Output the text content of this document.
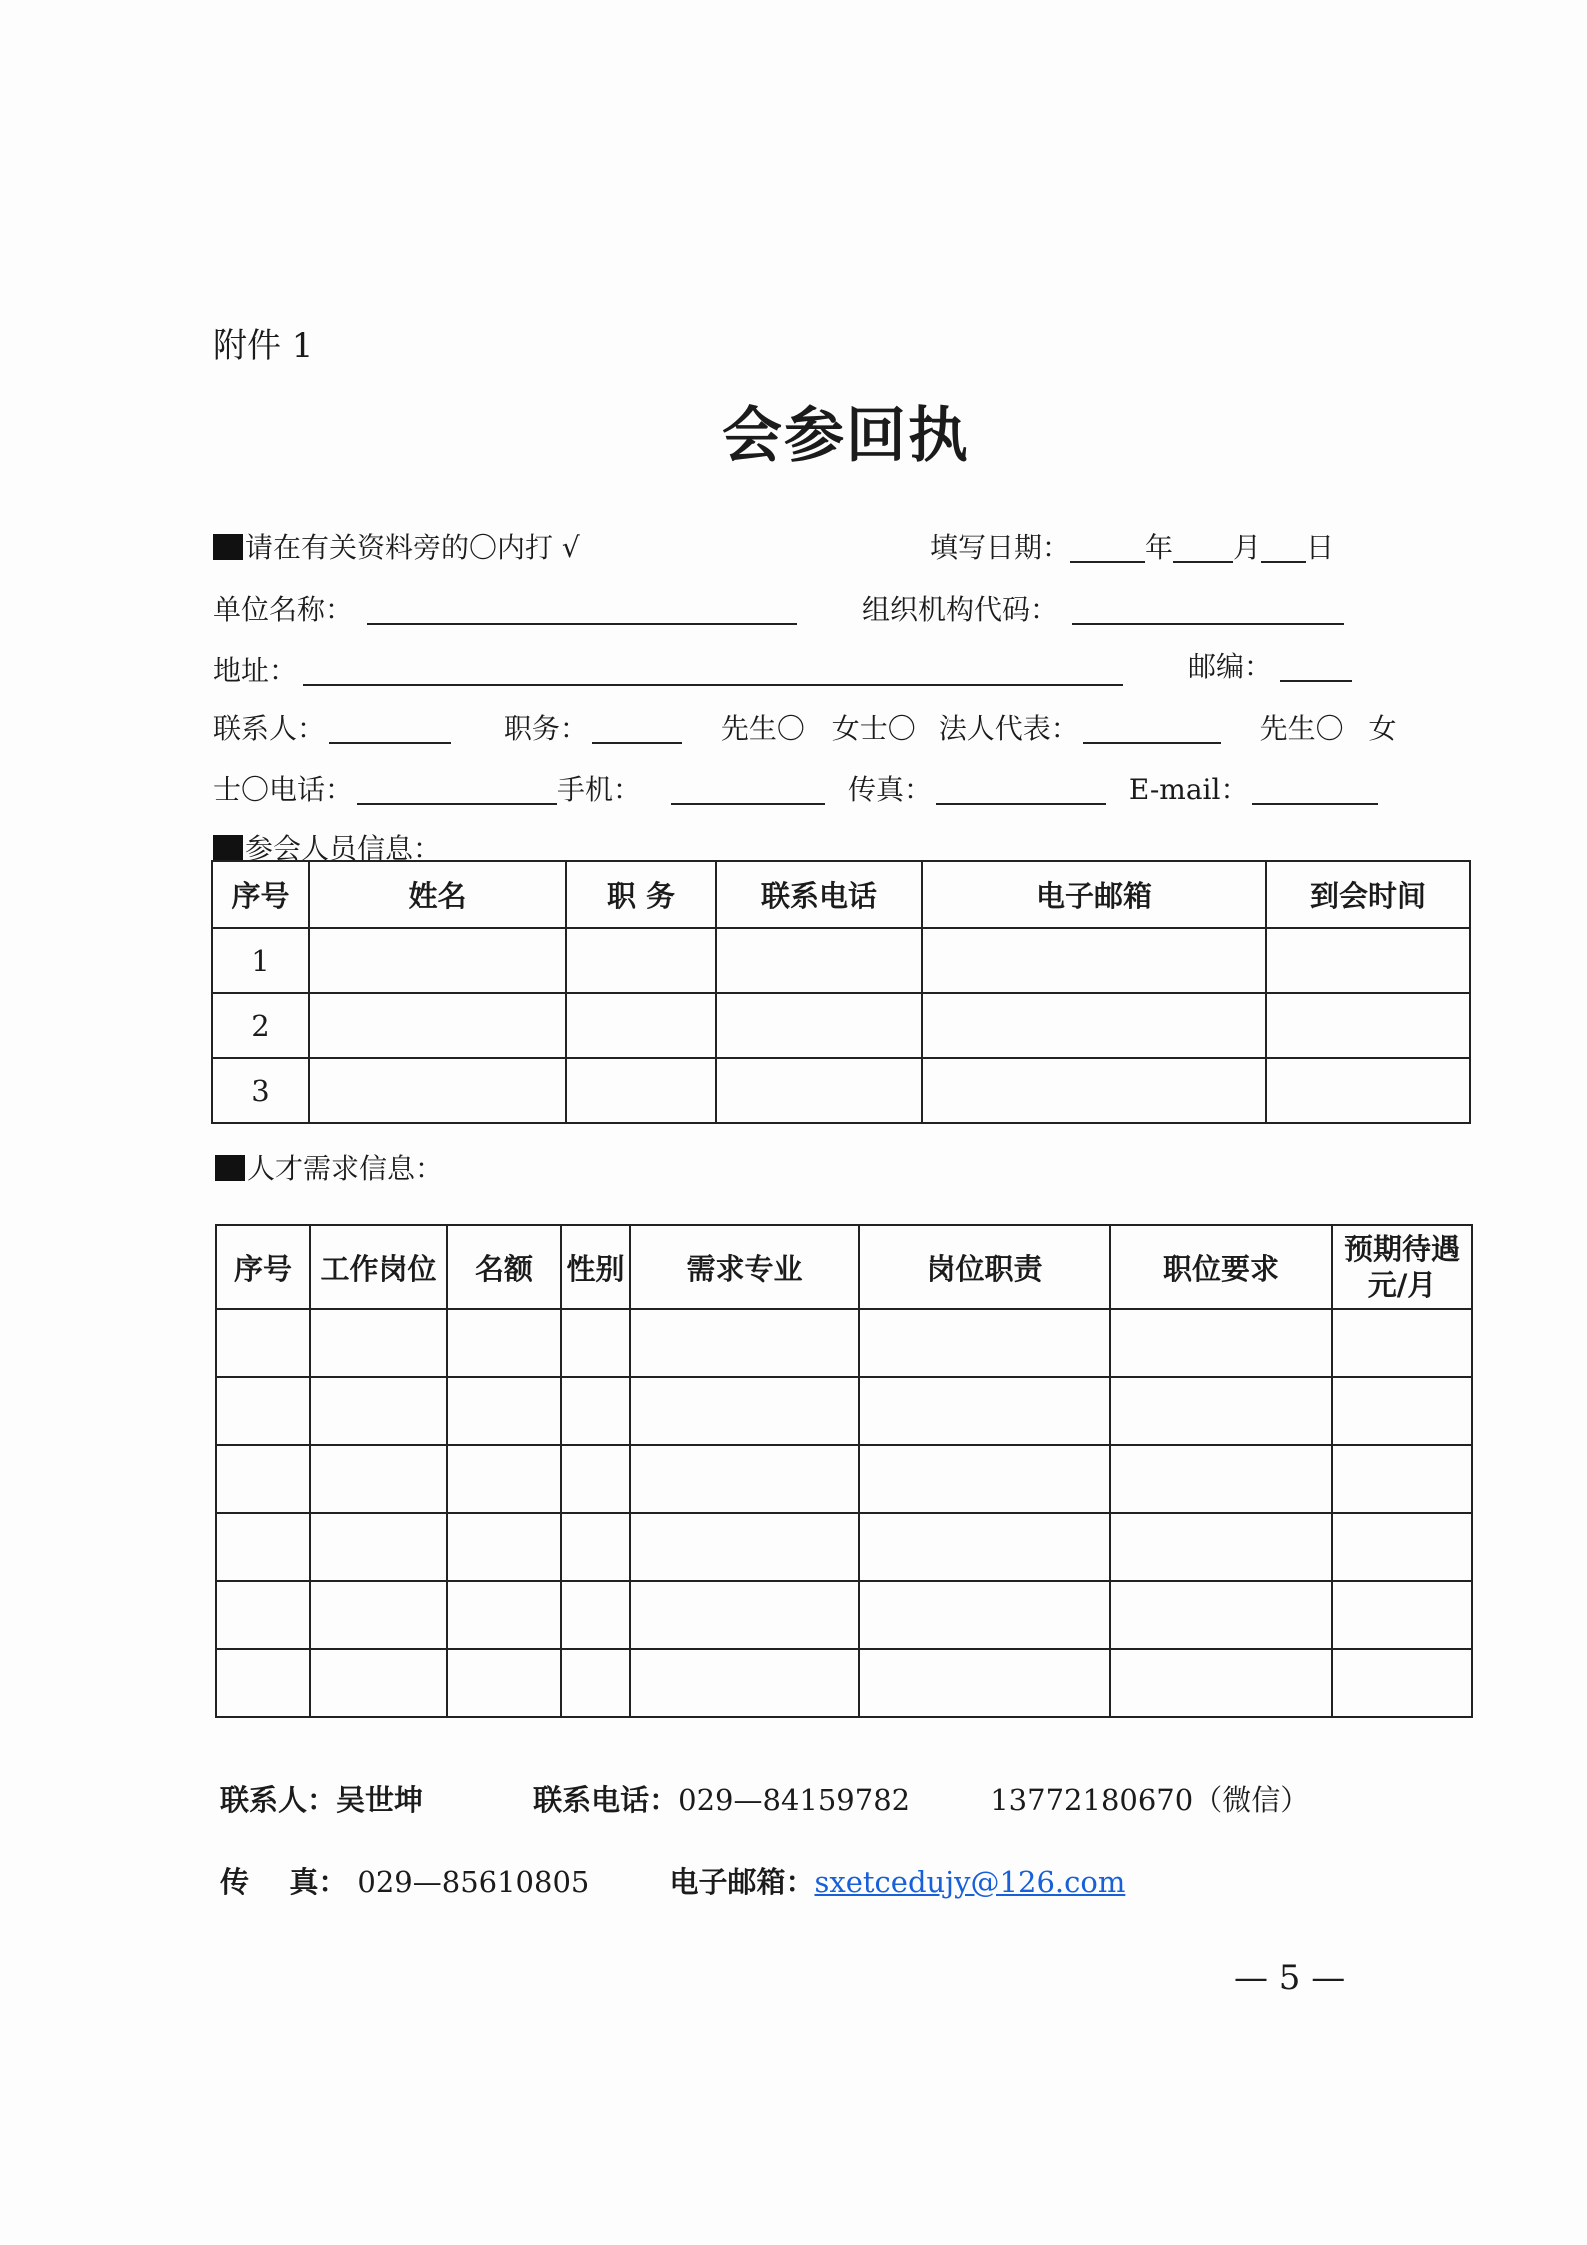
附件 1
会参回执
请在有关资料旁的〇内打 √	填写日期：	年 月 日
单位名称：	组织机构代码：
地址：	邮编：
联系人：	职务：	先生〇 女士〇 法人代表：	先生〇 女
士〇电话：	手机：	传真：	E-mail：
参会人员信息：
序号	姓名	职 务	联系电话	电子邮箱	到会时间
1					
2					
3					
人才需求信息：
序号	工作岗位	名额	性别	需求专业	岗位职责	职位要求	预期待遇
元/月

联系人：吴世坤	联系电话：029—84159782	13772180670（微信）
传    真： 029—85610805	电子邮箱：sxetcedujy@126.com
— 5 —
